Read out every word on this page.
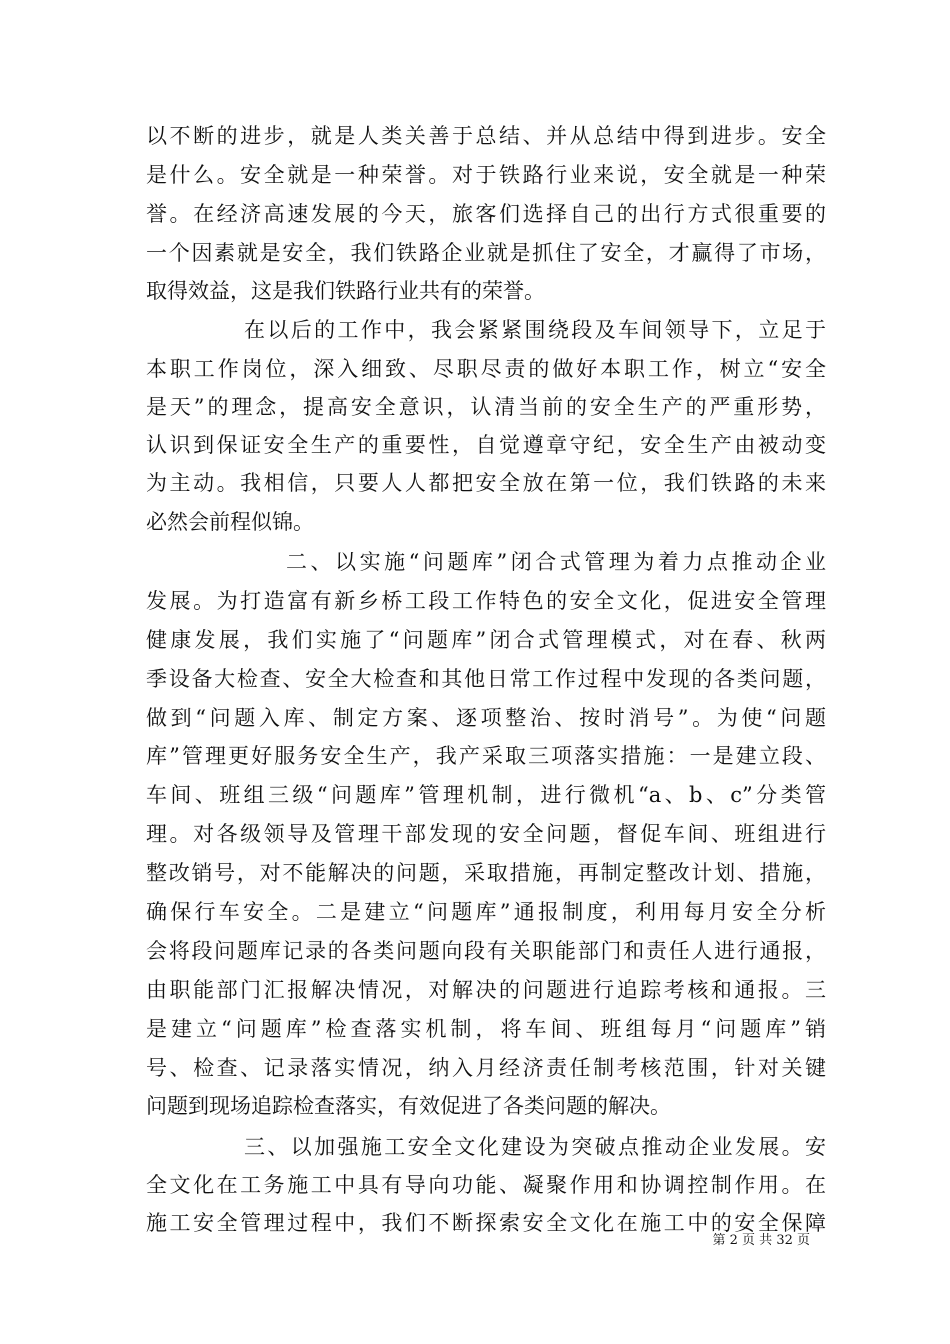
以不断的进步，就是人类关善于总结、并从总结中得到进步。安全
是什么。安全就是一种荣誉。对于铁路行业来说，安全就是一种荣
誉。在经济高速发展的今天，旅客们选择自己的出行方式很重要的
一个因素就是安全，我们铁路企业就是抓住了安全，才赢得了市场，
取得效益，这是我们铁路行业共有的荣誉。
在以后的工作中，我会紧紧围绕段及车间领导下，立足于
本职工作岗位，深入细致、尽职尽责的做好本职工作，树立“安全
是天”的理念，提高安全意识，认清当前的安全生产的严重形势，
认识到保证安全生产的重要性，自觉遵章守纪，安全生产由被动变
为主动。我相信，只要人人都把安全放在第一位，我们铁路的未来
必然会前程似锦。
二、以实施“问题库”闭合式管理为着力点推动企业
发展。为打造富有新乡桥工段工作特色的安全文化，促进安全管理
健康发展，我们实施了“问题库”闭合式管理模式，对在春、秋两
季设备大检查、安全大检查和其他日常工作过程中发现的各类问题，
做到“问题入库、制定方案、逐项整治、按时消号”。为使“问题
库”管理更好服务安全生产，我产采取三项落实措施：一是建立段、
车间、班组三级“问题库”管理机制，进行微机“a、b、c”分类管
理。对各级领导及管理干部发现的安全问题，督促车间、班组进行
整改销号，对不能解决的问题，采取措施，再制定整改计划、措施，
确保行车安全。二是建立“问题库”通报制度，利用每月安全分析
会将段问题库记录的各类问题向段有关职能部门和责任人进行通报，
由职能部门汇报解决情况，对解决的问题进行追踪考核和通报。三
是建立“问题库”检查落实机制，将车间、班组每月“问题库”销
号、检查、记录落实情况，纳入月经济责任制考核范围，针对关键
问题到现场追踪检查落实，有效促进了各类问题的解决。
三、以加强施工安全文化建设为突破点推动企业发展。安
全文化在工务施工中具有导向功能、凝聚作用和协调控制作用。在
施工安全管理过程中，我们不断探索安全文化在施工中的安全保障
第 2 页 共 32 页
